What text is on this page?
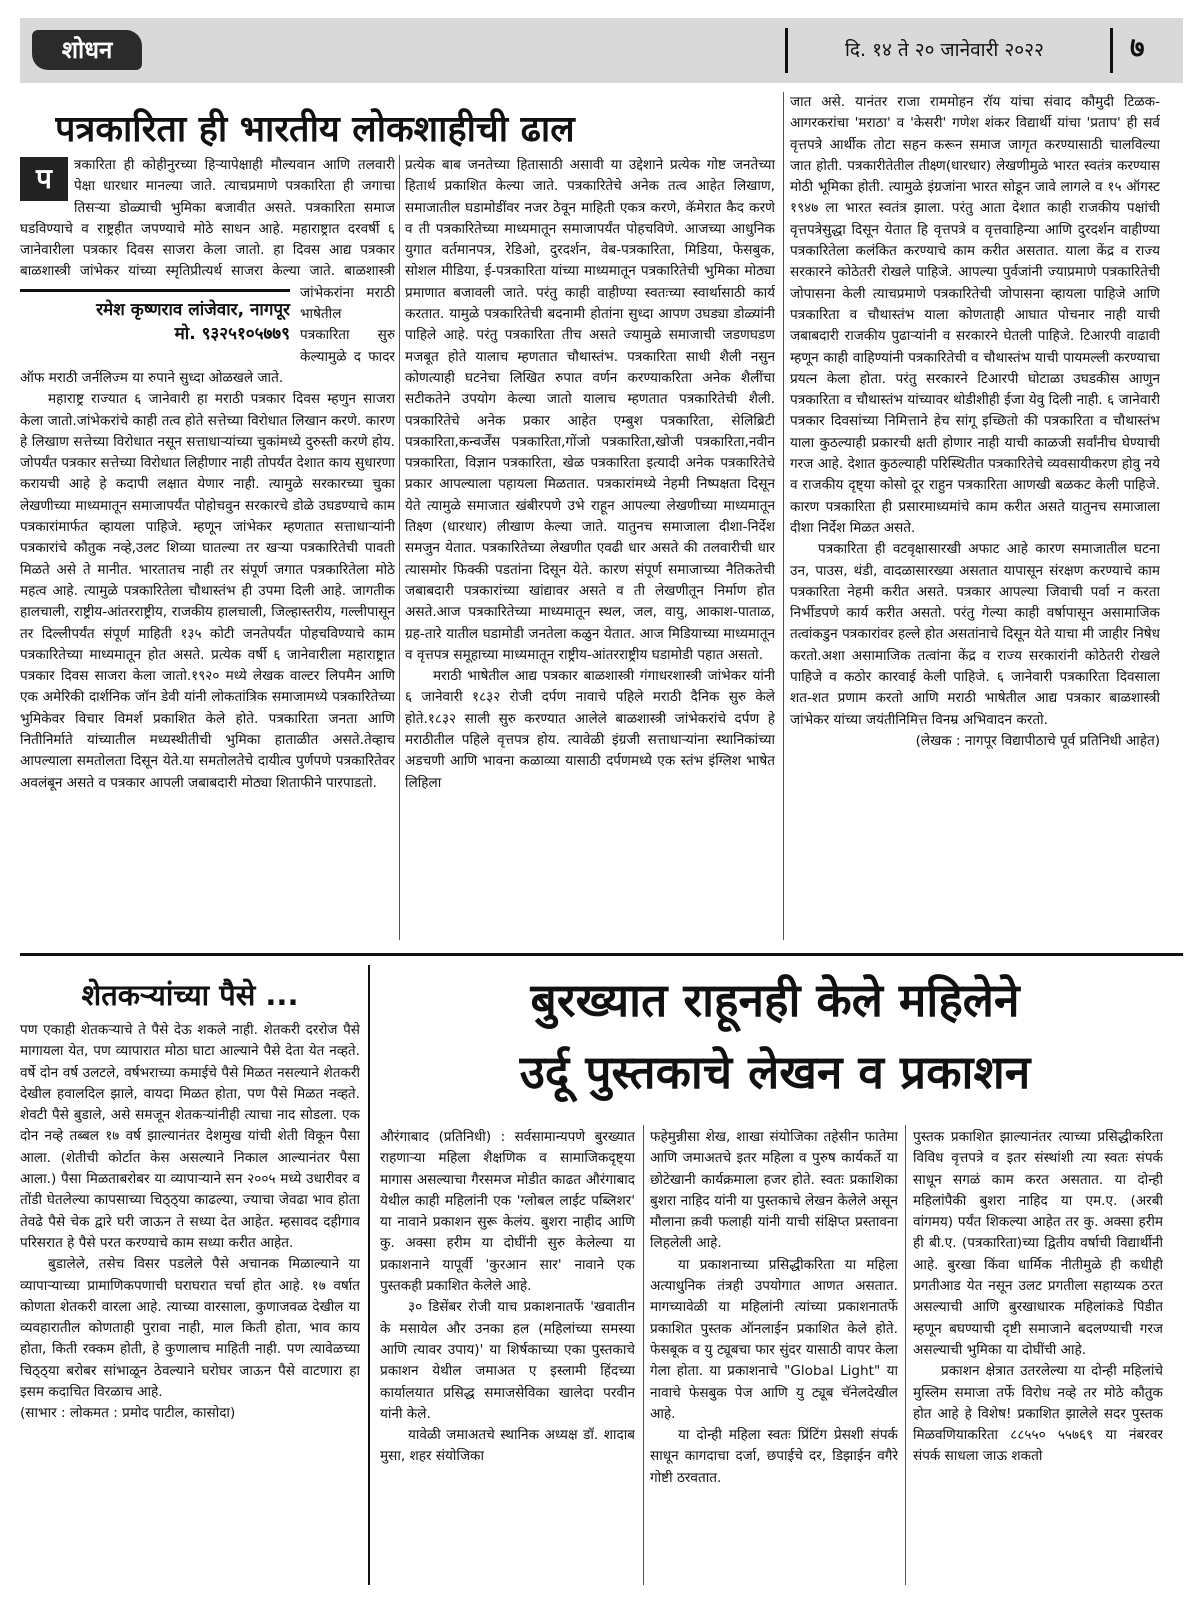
शोधन	दि. १४ ते २० जानेवारी २०२२	७
पत्रकारिता ही भारतीय लोकशाहीची ढाल
प	त्रकारिता ही कोहीनुरच्या हिऱ्यापेक्षाही मौल्यवान आणि तलवारी पेक्षा धारधार मानल्या जाते. त्याचप्रमाणे पत्रकारिता ही जगाचा तिसऱ्या डोळ्याची भुमिका बजावीत असते. पत्रकारिता समाज घडविण्याचे व राष्ट्रहीत जपण्याचे मोठे साधन आहे. महाराष्ट्रात दरवर्षी ६ जानेवारीला पत्रकार दिवस साजरा केला जातो. हा दिवस आद्य पत्रकार बाळशास्त्री जांभेकर यांच्या
रमेश कृष्णराव लांजेवार, नागपूर
मो. ९३२५१०५७७९
स्मृतिप्रीत्यर्थ साजरा केल्या जाते. बाळशास्त्री जांभेकरांना मराठी भाषेतील पत्रकारिता सुरु केल्यामुळे द फादर ऑफ मराठी जर्नलिज्म या रुपाने सुध्दा ओळखले जाते.

महाराष्ट्र राज्यात ६ जानेवारी हा मराठी पत्रकार दिवस म्हणुन साजरा केला जातो.जांभेकरांचे काही तत्व होते सत्तेच्या विरोधात लिखान करणे. कारण हे लिखाण सत्तेच्या विरोधात नसून सत्ताधाऱ्यांच्या चुकांमध्ये दुरुस्ती करणे होय. जोपर्यंत पत्रकार सत्तेच्या विरोधात लिहीणार नाही तोपर्यंत देशात काय सुधारणा करायची आहे हे कदापी लक्षात येणार नाही. त्यामुळे सरकारच्या चुका लेखणीच्या माध्यमातून समाजापर्यंत पोहोचवुन सरकारचे डोळे उघडण्याचे काम पत्रकारांमार्फत व्हायला पाहिजे. म्हणून जांभेकर म्हणतात सत्ताधाऱ्यांनी पत्रकारांचे कौतुक नव्हे,उलट शिव्या घातल्या तर खऱ्या पत्रकारितेची पावती मिळते असे ते मानीत. भारतातच नाही तर संपूर्ण जगात पत्रकारितेला मोठे महत्व आहे. त्यामुळे पत्रकारितेला चौथास्तंभ ही उपमा दिली आहे. जागतीक हालचाली, राष्ट्रीय-आंतरराष्ट्रीय, राजकीय हालचाली, जिल्हास्तरीय, गल्लीपासून तर दिल्लीपर्यंत संपूर्ण माहिती १३५ कोटी जनतेपर्यंत पोहचविण्याचे काम पत्रकारितेच्या माध्यमातून होत असते. प्रत्येक वर्षी ६ जानेवारीला महाराष्ट्रात पत्रकार दिवस साजरा केला जातो.१९२० मध्ये लेखक वाल्टर लिपमैन आणि एक अमेरिकी दार्शनिक जॉन डेवी यांनी लोकतांत्रिक समाजामध्ये पत्रकारितेच्या भुमिकेवर विचार विमर्श प्रकाशित केले होते. पत्रकारिता जनता आणि नितीनिर्माते यांच्यातील मध्यस्थीतीची भुमिका हाताळीत असते.तेव्हाच आपल्याला समतोलता दिसून येते.या समतोलतेचे दायीत्व पुर्णपणे पत्रकारितेवर अवलंबून असते व पत्रकार आपली जबाबदारी मोठ्या शिताफीने पारपाडतो.

प्रत्येक बाब जनतेच्या हितासाठी असावी या उद्देशाने प्रत्येक गोष्ट जनतेच्या हितार्थ प्रकाशित केल्या जाते. पत्रकारितेचे अनेक तत्व आहेत लिखाण, समाजातील घडामोडींवर नजर ठेवून माहिती एकत्र करणे, कॅमेरात कैद करणे व ती पत्रकारितेच्या माध्यमातून समाजापर्यंत पोहचविणे. आजच्या आधुनिक युगात वर्तमानपत्र, रेडिओ, दुरदर्शन, वेब-पत्रकारिता, मिडिया, फेसबुक, सोशल मीडिया, ई-पत्रकारिता यांच्या माध्यमातून पत्रकारितेची भुमिका मोठ्या प्रमाणात बजावली जाते. परंतु काही वाहीण्या स्वतःच्या स्वार्थासाठी कार्य करतात. यामुळे पत्रकारितेची बदनामी होतांना सुध्दा आपण उघड्या डोळ्यांनी पाहिले आहे. परंतु पत्रकारिता तीच असते ज्यामुळे समाजाची जडणघडण मजबूत होते यालाच म्हणतात चौथास्तंभ. पत्रकारिता साधी शैली नसुन कोणत्याही घटनेचा लिखित रुपात वर्णन करण्याकरिता अनेक शैलींचा सटीकतेने उपयोग केल्या जातो यालाच म्हणतात पत्रकारितेची शैली. पत्रकारितेचे अनेक प्रकार आहेत एम्बुश पत्रकारिता, सेलिब्रिटी पत्रकारिता,कन्वर्जेंस पत्रकारिता,गोंजो पत्रकारिता,खोजी पत्रकारिता,नवीन पत्रकारिता, विज्ञान पत्रकारिता, खेळ पत्रकारिता इत्यादी अनेक पत्रकारितेचे प्रकार आपल्याला पहायला मिळतात. पत्रकारांमध्ये नेहमी निष्पक्षता दिसून येते त्यामुळे समाजात खंबीरपणे उभे राहून आपल्या लेखणीच्या माध्यमातून तिक्ष्ण (धारधार) लीखाण केल्या जाते. यातुनच समाजाला दीशा-निर्देश समजुन येतात. पत्रकारितेच्या लेखणीत एवढी धार असते की तलवारीची धार त्यासमोर फिक्की पडतांना दिसून येते. कारण संपूर्ण समाजाच्या नैतिकतेची जबाबदारी पत्रकारांच्या खांद्यावर असते व ती लेखणीतून निर्माण होत असते.आज पत्रकारितेच्या माध्यमातून स्थल, जल, वायु, आकाश-पाताळ, ग्रह-तारे यातील घडामोडी जनतेला कळुन येतात. आज मिडियाच्या माध्यमातून व वृत्तपत्र समूहाच्या माध्यमातून राष्ट्रीय-आंतरराष्ट्रीय घडामोडी पहात असतो.

मराठी भाषेतील आद्य पत्रकार बाळशास्त्री गंगाधरशास्त्री जांभेकर यांनी ६ जानेवारी १८३२ रोजी दर्पण नावाचे पहिले मराठी दैनिक सुरु केले होते.१८३२ साली सुरु करण्यात आलेले बाळशास्त्री जांभेकरांचे दर्पण हे मराठीतील पहिले वृत्तपत्र होय. त्यावेळी इंग्रजी सत्ताधाऱ्यांना स्थानिकांच्या अडचणी आणि भावना कळाव्या यासाठी दर्पणमध्ये एक स्तंभ इंग्लिश भाषेत लिहिला

जात असे. यानंतर राजा राममोहन रॉय यांचा संवाद कौमुदी टिळक-आगरकरांचा 'मराठा' व 'केसरी' गणेश शंकर विद्यार्थी यांचा 'प्रताप' ही सर्व वृत्तपत्रे आर्थीक तोटा सहन करून समाज जागृत करण्यासाठी चालविल्या जात होती. पत्रकारीतेतील तीक्ष्ण(धारधार) लेखणीमुळे भारत स्वतंत्र करण्यास मोठी भूमिका होती. त्यामुळे इंग्रजांना भारत सोडून जावे लागले व १५ ऑगस्ट १९४७ ला भारत स्वतंत्र झाला. परंतु आता देशात काही राजकीय पक्षांची वृत्तपत्रेसुद्धा दिसून येतात हि वृत्तपत्रे व वृत्तवाहिन्या आणि दुरदर्शन वाहीण्या पत्रकारितेला कलंकित करण्याचे काम करीत असतात. याला केंद्र व राज्य सरकारने कोठेतरी रोखले पाहिजे. आपल्या पुर्वजांनी ज्याप्रमाणे पत्रकारितेची जोपासना केली त्याचप्रमाणे पत्रकारितेची जोपासना व्हायला पाहिजे आणि पत्रकारिता व चौथास्तंभ याला कोणताही आघात पोचनार नाही याची जबाबदारी राजकीय पुढाऱ्यांनी व सरकारने घेतली पाहिजे. टिआरपी वाढावी म्हणून काही वाहिण्यांनी पत्रकारितेची व चौथास्तंभ याची पायमल्ली करण्याचा प्रयत्न केला होता. परंतु सरकारने टिआरपी घोटाळा उघडकीस आणुन पत्रकारिता व चौथास्तंभ यांच्यावर थोडीशीही ईजा येवु दिली नाही. ६ जानेवारी पत्रकार दिवसांच्या निमित्ताने हेच सांगू इच्छितो की पत्रकारिता व चौथास्तंभ याला कुठल्याही प्रकारची क्षती होणार नाही याची काळजी सर्वांनीच घेण्याची गरज आहे. देशात कुठल्याही परिस्थितीत पत्रकारितेचे व्यवसायीकरण होवु नये व राजकीय दृष्ट्या कोसो दूर राहुन पत्रकारिता आणखी बळकट केली पाहिजे. कारण पत्रकारिता ही प्रसारमाध्यमांचे काम करीत असते यातुनच समाजाला दीशा निर्देश मिळत असते.

पत्रकारिता ही वटवृक्षासारखी अफाट आहे कारण समाजातील घटना उन, पाउस, थंडी, वादळासारख्या असतात यापासून संरक्षण करण्याचे काम पत्रकारिता नेहमी करीत असते. पत्रकार आपल्या जिवाची पर्वा न करता निर्भीडपणे कार्य करीत असतो. परंतु गेल्या काही वर्षापासून असामाजिक तत्वांकडुन पत्रकारांवर हल्ले होत असतांनाचे दिसून येते याचा मी जाहीर निषेध करतो.अशा असामाजिक तत्वांना केंद्र व राज्य सरकारांनी कोठेतरी रोखले पाहिजे व कठोर कारवाई केली पाहिजे. ६ जानेवारी पत्रकारिता दिवसाला शत-शत प्रणाम करतो आणि मराठी भाषेतील आद्य पत्रकार बाळशास्त्री जांभेकर यांच्या जयंतीनिमित्त विनम्र अभिवादन करतो.

(लेखक : नागपूर विद्यापीठाचे पूर्व प्रतिनिधी आहेत)

शेतकऱ्यांच्या पैसे ...

पण एकाही शेतकऱ्याचे ते पैसे देऊ शकले नाही. शेतकरी दररोज पैसे मागायला येत, पण व्यापारात मोठा घाटा आल्याने पैसे देता येत नव्हते. वर्षे दोन वर्ष उलटले, वर्षभराच्या कमाईचे पैसे मिळत नसल्याने शेतकरी देखील हवालदिल झाले, वायदा मिळत होता, पण पैसे मिळत नव्हते. शेवटी पैसे बुडाले, असे समजून शेतकऱ्यांनीही त्याचा नाद सोडला. एक दोन नव्हे तब्बल १७ वर्ष झाल्यानंतर देशमुख यांची शेती विकून पैसा आला. (शेतीची कोर्टात केस असल्याने निकाल आल्यानंतर पैसा आला.) पैसा मिळताबरोबर या व्यापाऱ्याने सन २००५ मध्ये उधारीवर व तोंडी घेतलेल्या कापसाच्या चिठ्ठ्या काढल्या, ज्याचा जेवढा भाव होता तेवढे पैसे चेक द्वारे घरी जाऊन ते सध्या देत आहेत. म्हसावद दहीगाव परिसरात हे पैसे परत करण्याचे काम सध्या करीत आहेत.

बुडालेले, तसेच विसर पडलेले पैसे अचानक मिळाल्याने या व्यापाऱ्याच्या प्रामाणिकपणाची घराघरात चर्चा होत आहे. १७ वर्षात कोणता शेतकरी वारला आहे. त्याच्या वारसाला, कुणाजवळ देखील या व्यवहारातील कोणताही पुरावा नाही, माल किती होता, भाव काय होता, किती रक्कम होती, हे कुणालाच माहिती नाही. पण त्यावेळच्या चिठ्ठ्या बरोबर सांभाळून ठेवल्याने घरोघर जाऊन पैसे वाटणारा हा इसम कदाचित विरळाच आहे.

(साभार : लोकमत : प्रमोद पाटील, कासोदा)

बुरख्यात राहूनही केले महिलेने
उर्दू पुस्तकाचे लेखन व प्रकाशन

औरंगाबाद (प्रतिनिधी) : सर्वसामान्यपणे बुरख्यात राहणाऱ्या महिला शैक्षणिक व सामाजिकदृष्ट्या मागास असल्याचा गैरसमज मोडीत काढत औरंगाबाद येथील काही महिलांनी एक 'ग्लोबल लाईट पब्लिशर' या नावाने प्रकाशन सुरू केलंय. बुशरा नाहीद आणि कु. अक्सा हरीम या दोघींनी सुरु केलेल्या या प्रकाशनाने यापूर्वी 'कुरआन सार' नावाने एक पुस्तकही प्रकाशित केलेले आहे.

३० डिसेंबर रोजी याच प्रकाशनातर्फे 'खवातीन के मसायेल और उनका हल (महिलांच्या समस्या आणि त्यावर उपाय)' या शिर्षकाच्या एका पुस्तकाचे प्रकाशन येथील जमाअत ए इस्लामी हिंदच्या कार्यालयात प्रसिद्ध समाजसेविका खालेदा परवीन यांनी केले.

यावेळी जमाअतचे स्थानिक अध्यक्ष डॉ. शादाब मुसा, शहर संयोजिका

फहेमुन्नीसा शेख, शाखा संयोजिका तहेसीन फातेमा आणि जमाअतचे इतर महिला व पुरुष कार्यकर्ते या छोटेखानी कार्यक्रमाला हजर होते. स्वतः प्रकाशिका बुशरा नाहिद यांनी या पुस्तकाचे लेखन केलेले असून मौलाना क़वी फलाही यांनी याची संक्षिप्त प्रस्तावना लिहलेली आहे.

या प्रकाशनाच्या प्रसिद्धीकरिता या महिला अत्याधुनिक तंत्रही उपयोगात आणत असतात. मागच्यावेळी या महिलांनी त्यांच्या प्रकाशनातर्फे प्रकाशित पुस्तक ऑनलाईन प्रकाशित केले होते. फेसबूक व यु ट्यूबचा फार सुंदर यासाठी वापर केला गेला होता. या प्रकाशनाचे "Global Light" या नावाचे फेसबुक पेज आणि यु ट्यूब चॅनेलदेखील आहे.

या दोन्ही महिला स्वतः प्रिंटिंग प्रेसशी संपर्क साधून कागदाचा दर्जा, छपाईचे दर, डिझाईन वगैरे गोष्टी ठरवतात.

पुस्तक प्रकाशित झाल्यानंतर त्याच्या प्रसिद्धीकरिता विविध वृत्तपत्रे व इतर संस्थांशी त्या स्वतः संपर्क साधून सगळं काम करत असतात. या दोन्ही महिलांपैकी बुशरा नाहिद या एम.ए. (अरबी वांगमय) पर्यंत शिकल्या आहेत तर कु. अक्सा हरीम ही बी.ए. (पत्रकारिता)च्या द्वितीय वर्षाची विद्यार्थीनी आहे. बुरखा किंवा धार्मिक नीतीमुळे ही कधीही प्रगतीआड येत नसून उलट प्रगतीला सहाय्यक ठरत असल्याची आणि बुरखाधारक महिलांकडे पिडीत म्हणून बघण्याची दृष्टी समाजाने बदलण्याची गरज असल्याची भुमिका या दोघींची आहे.

प्रकाशन क्षेत्रात उतरलेल्या या दोन्ही महिलांचे मुस्लिम समाजा तर्फे विरोध नव्हे तर मोठे कौतुक होत आहे हे विशेष! प्रकाशित झालेले सदर पुस्तक मिळवणियाकरिता ८८५५० ५५७६९ या नंबरवर संपर्क साधला जाऊ शकतो
